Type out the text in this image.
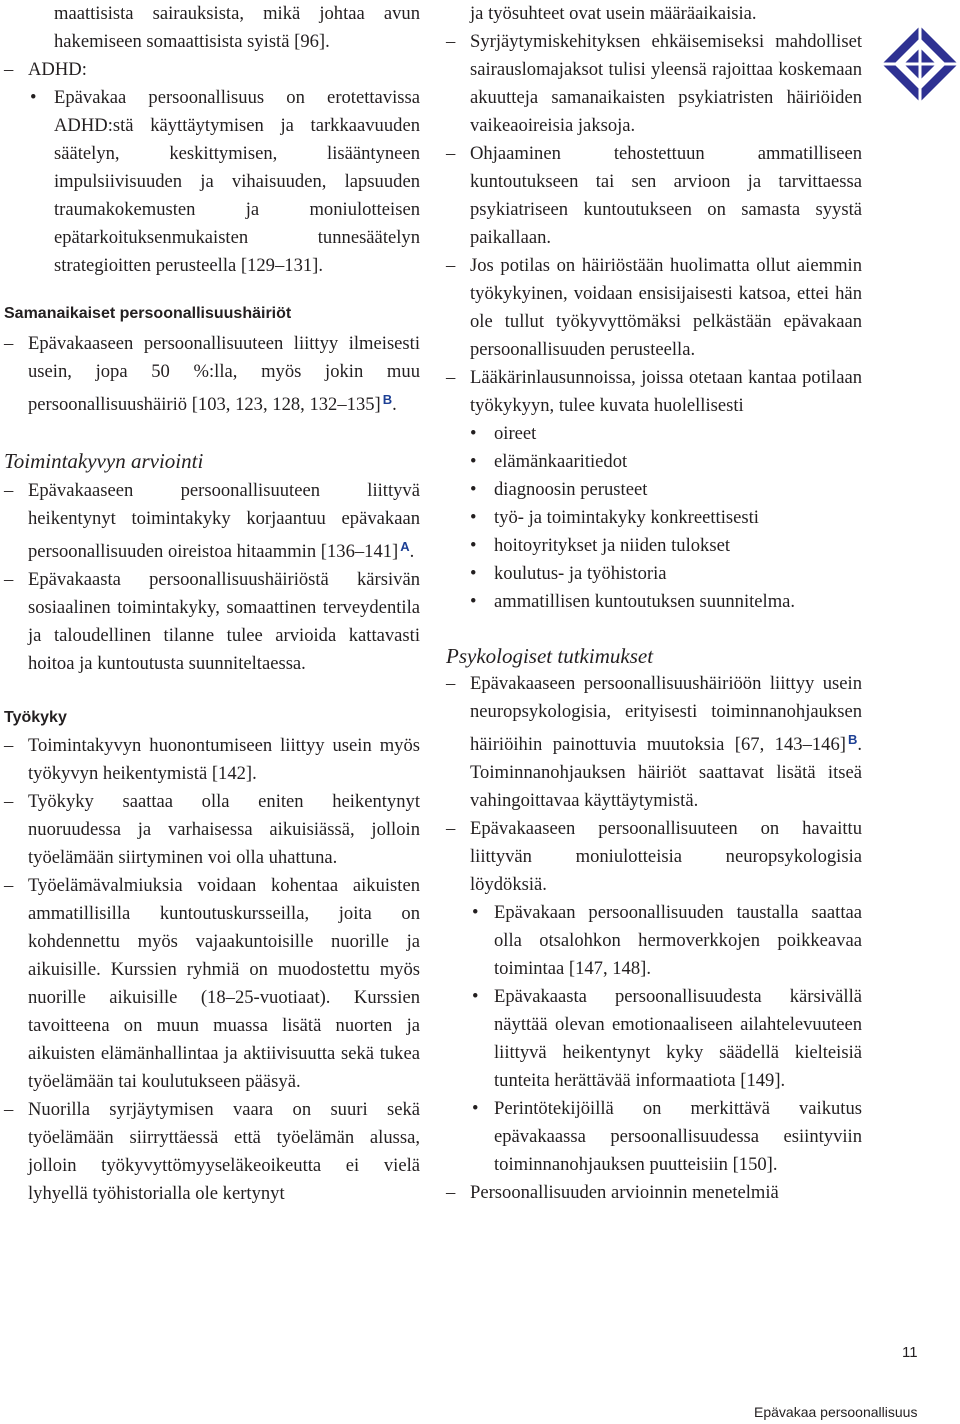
maattisista sairauksista, mikä johtaa avun hakemiseen somaattisista syistä [96].

– ADHD:
• Epävakaa persoonallisuus on erotettavissa ADHD:stä käyttäytymisen ja tarkkaavuuden säätelyn, keskittymisen, lisääntyneen impulsiivisuuden ja vihaisuuden, lapsuuden traumakokemusten ja moniulotteisen epätarkoituksenmukaisten tunnesäätelyn strategioitten perusteella [129–131].
Samanaikaiset persoonallisuushäiriöt
– Epävakaaseen persoonallisuuteen liittyy ilmeisesti usein, jopa 50 %:lla, myös jokin muu persoonallisuushäiriö [103, 123, 128, 132–135] $^B$.
Toimintakyvyn arviointi
– Epävakaaseen persoonallisuuteen liittyvä heikentynyt toimintakyky korjaantuu epävakaan persoonallisuuden oireistoa hitaammin [136–141] $^A$.
– Epävakaasta persoonallisuushäiriöstä kärsivän sosiaalinen toimintakyky, somaattinen terveydentila ja taloudellinen tilanne tulee arvioida kattavasti hoitoa ja kuntoutusta suunniteltaessa.
Työkyky
– Toimintakyvyn huonontumiseen liittyy usein myös työkyvyn heikentymistä [142].
– Työkyky saattaa olla eniten heikentynyt nuoruudessa ja varhaisessa aikuisiässä, jolloin työelämään siirtyminen voi olla uhattuna.
– Työelämävalmiuksia voidaan kohentaa aikuisten ammatillisilla kuntoutuskursseilla, joita on kohdennettu myös vajaakuntoisille nuorille ja aikuisille. Kurssien ryhmiä on muodostettu myös nuorille aikuisille (18–25-vuotiaat). Kurssien tavoitteena on muun muassa lisätä nuorten ja aikuisten elämänhallintaa ja aktiivisuutta sekä tukea työelämään tai koulutukseen pääsyä.
– Nuorilla syrjäytymisen vaara on suuri sekä työelämään siirryttäessä että työelämän alussa, jolloin työkyvyttömyyseläkeoikeutta ei vielä lyhyellä työhistorialla ole kertynyt

ja työsuhteet ovat usein määräaikaisia.

– Syrjäytymiskehityksen ehkäisemiseksi mahdolliset sairauslomajaksot tulisi yleensä rajoittaa koskemaan akuutteja samanaikaisten psykiatristen häiriöiden vaikeaoireisia jaksoja.
– Ohjaaminen tehostettuun ammatilliseen kuntoutukseen tai sen arvioon ja tarvittaessa psykiatriseen kuntoutukseen on samasta syystä paikallaan.
– Jos potilas on häiriöstään huolimatta ollut aiemmin työkykyinen, voidaan ensisijaisesti katsoa, ettei hän ole tullut työkyvyttömäksi pelkästään epävakaan persoonallisuuden perusteella.
– Lääkärinlausunnoissa, joissa otetaan kantaa potilaan työkykyyn, tulee kuvata huolellisesti
• oireet
• elämänkaaritiedot
• diagnoosin perusteet
• työ- ja toimintakyky konkreettisesti
• hoitoyritykset ja niiden tulokset
• koulutus- ja työhistoria
• ammatillisen kuntoutuksen suunnitelma.
Psykologiset tutkimukset
– Epävakaaseen persoonallisuushäiriöön liittyy usein neuropsykologisia, erityisesti toiminnanohjauksen häiriöihin painottuvia muutoksia [67, 143–146] $^B$. Toiminnanohjauksen häiriöt saattavat lisätä itseä vahingoittavaa käyttäytymistä.
– Epävakaaseen persoonallisuuteen on havaittu liittyvän moniulotteisia neuropsykologisia löydöksiä.
• Epävakaan persoonallisuuden taustalla saattaa olla otsalohkon hermoverkkojen poikkeavaa toimintaa [147, 148].
• Epävakaasta persoonallisuudesta kärsivällä näyttää olevan emotionaaliseen ailahtelevuuteen liittyvä heikentynyt kyky säädellä kielteisiä tunteita herättävää informaatiota [149].
• Perintötekijöillä on merkittävä vaikutus epävakaassa persoonallisuudessa esiintyviin toiminnanohjauksen puutteisiin [150].
– Persoonallisuuden arvioinnin menetelmiä
11
Epävakaa persoonallisuus
